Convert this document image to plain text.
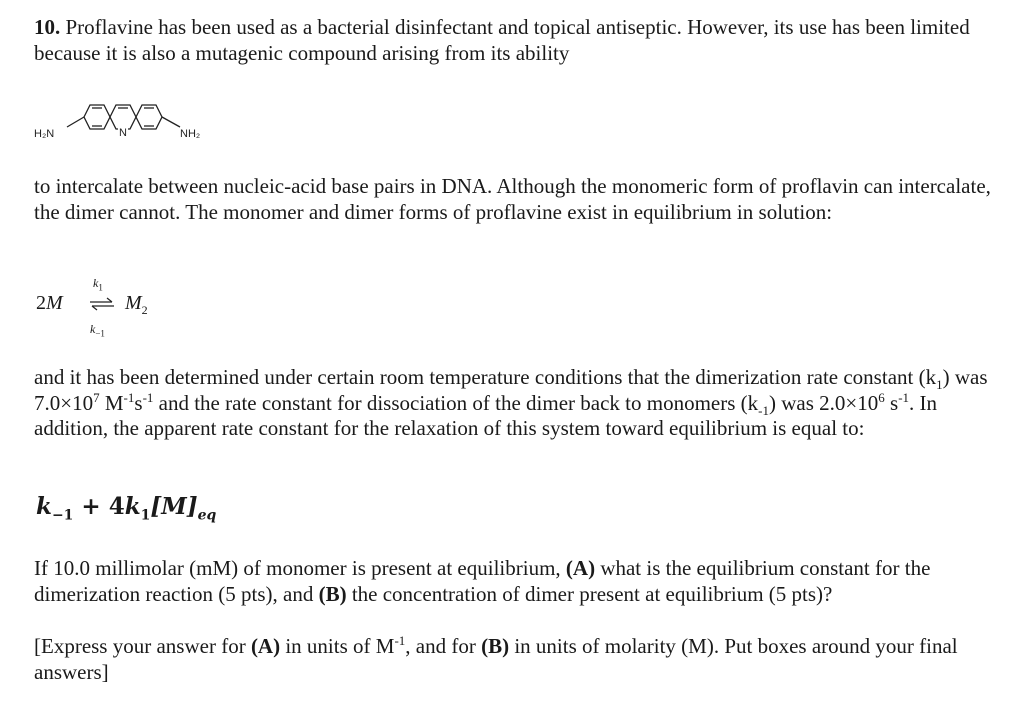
10. Proflavine has been used as a bacterial disinfectant and topical antiseptic. However, its use has been limited because it is also a mutagenic compound arising from its ability

H₂N	N	NH₂

to intercalate between nucleic-acid base pairs in DNA. Although the monomeric form of proflavin can intercalate, the dimer cannot. The monomer and dimer forms of proflavine exist in equilibrium in solution:

2M
$k_1$
⇌ $M_2$
$k_{-1}$

and it has been determined under certain room temperature conditions that the dimerization rate constant $(k_1)$ was $7.0\times 10^7$ $M^{-1}s^{-1}$ and the rate constant for dissociation of the dimer back to monomers $(k_{-1})$ was $2.0\times 10^6$ $s^{-1}$. In addition, the apparent rate constant for the relaxation of this system toward equilibrium is equal to:

$k_{-1} + 4k_1[M]_{eq}$

If 10.0 millimolar (mM) of monomer is present at equilibrium, (A) what is the equilibrium constant for the dimerization reaction (5 pts), and (B) the concentration of dimer present at equilibrium (5 pts)?

[Express your answer for (A) in units of $M^{-1}$, and for (B) in units of molarity (M). Put boxes around your final answers]
